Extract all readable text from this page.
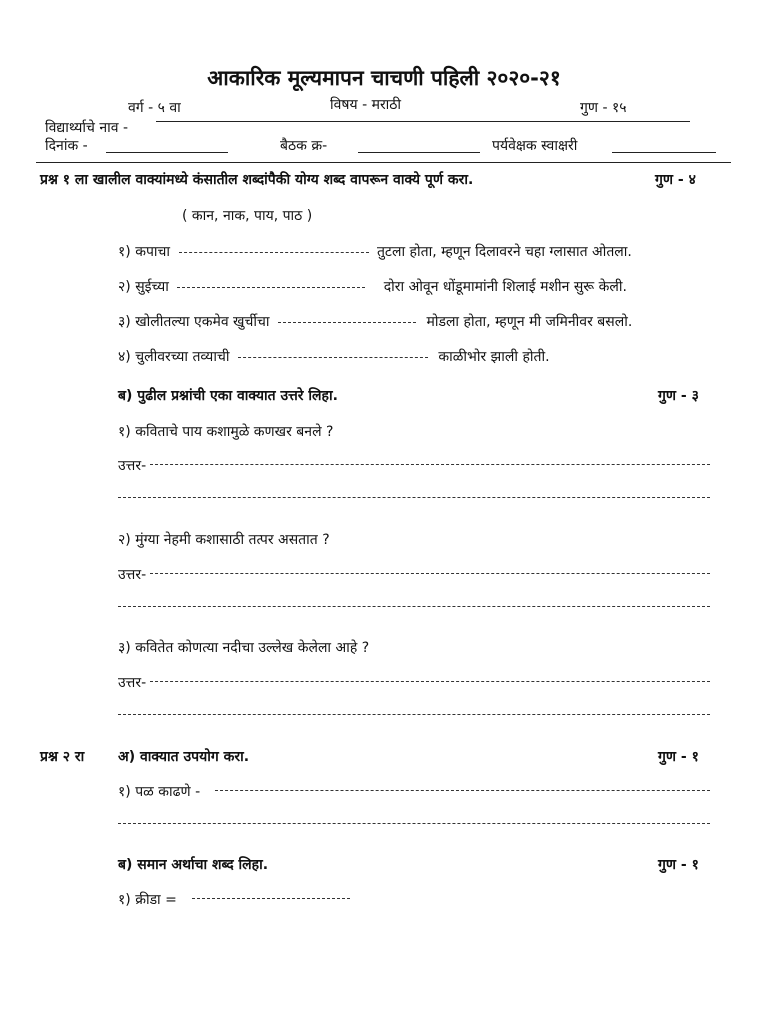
आकारिक मूल्यमापन चाचणी पहिली २०२०-२१
वर्ग - ५ वा	विषय - मराठी	गुण - १५
विद्यार्थ्याचे नाव -
दिनांक -	बैठक क्र-	पर्यवेक्षक स्वाक्षरी
प्रश्न १ ला खालील वाक्यांमध्ये कंसातील शब्दांपैकी योग्य शब्द वापरून वाक्ये पूर्ण करा.	गुण - ४
( कान, नाक, पाय, पाठ )
१) कपाचा	तुटला होता, म्हणून दिलावरने चहा ग्लासात ओतला.
२) सुईच्या	दोरा ओवून धोंडूमामांनी शिलाई मशीन सुरू केली.
३) खोलीतल्या एकमेव खुर्चीचा	मोडला होता, म्हणून मी जमिनीवर बसलो.
४) चुलीवरच्या तव्याची	काळीभोर झाली होती.
ब) पुढील प्रश्नांची एका वाक्यात उत्तरे लिहा.	गुण - ३
१) कविताचे पाय कशामुळे कणखर बनले ?
उत्तर-
२) मुंग्या नेहमी कशासाठी तत्पर असतात ?
उत्तर-
३) कवितेत कोणत्या नदीचा उल्लेख केलेला आहे ?
उत्तर-
प्रश्न २ रा अ) वाक्यात उपयोग करा.	गुण - १
१) पळ काढणे -
ब) समान अर्थाचा शब्द लिहा.	गुण - १
१) क्रीडा =
